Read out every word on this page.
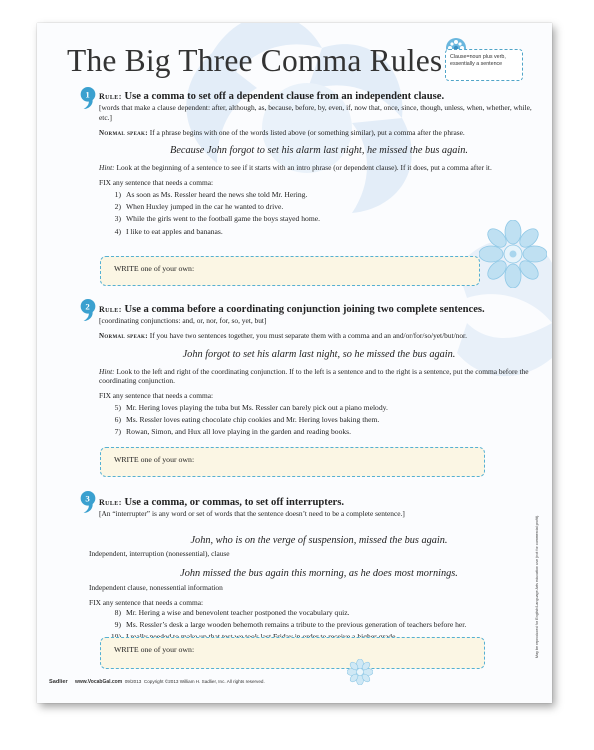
The Big Three Comma Rules	Clause=noun plus verb, essentially a sentence
1 Rule: Use a comma to set off a dependent clause from an independent clause.
[words that make a clause dependent: after, although, as, because, before, by, even, if, now that, once, since, though, unless, when, whether, while, etc.]
Normal speak: If a phrase begins with one of the words listed above (or something similar), put a comma after the phrase.
Because John forgot to set his alarm last night, he missed the bus again.
Hint: Look at the beginning of a sentence to see if it starts with an intro phrase (or dependent clause). If it does, put a comma after it.
FIX any sentence that needs a comma:
1) As soon as Ms. Ressler heard the news she told Mr. Hering.
2) When Huxley jumped in the car he wanted to drive.
3) While the girls went to the football game the boys stayed home.
4) I like to eat apples and bananas.
WRITE one of your own:
2 Rule: Use a comma before a coordinating conjunction joining two complete sentences.
[coordinating conjunctions: and, or, nor, for, so, yet, but]
Normal speak: If you have two sentences together, you must separate them with a comma and an and/or/for/so/yet/but/nor.
John forgot to set his alarm last night, so he missed the bus again.
Hint: Look to the left and right of the coordinating conjunction. If to the left is a sentence and to the right is a sentence, put the comma before the coordinating conjunction.
FIX any sentence that needs a comma:
5) Mr. Hering loves playing the tuba but Ms. Ressler can barely pick out a piano melody.
6) Ms. Ressler loves eating chocolate chip cookies and Mr. Hering loves baking them.
7) Rowan, Simon, and Hux all love playing in the garden and reading books.
WRITE one of your own:
3 Rule: Use a comma, or commas, to set off interrupters.
[An “interrupter” is any word or set of words that the sentence doesn’t need to be a complete sentence.]
John, who is on the verge of suspension, missed the bus again.
Independent, interruption (nonessential), clause
John missed the bus again this morning, as he does most mornings.
Independent clause, nonessential information
FIX any sentence that needs a comma:
8) Mr. Hering a wise and benevolent teacher postponed the vocabulary quiz.
9) Ms. Ressler’s desk a large wooden behemoth remains a tribute to the previous generation of teachers before her.
WRITE one of your own:	May be reproduced for English/Language Arts education use (not for commercial profit).
Sadlier www.VocabGal.com 09/2013 Copyright ©2013 William H. Sadlier, Inc. All rights reserved.
